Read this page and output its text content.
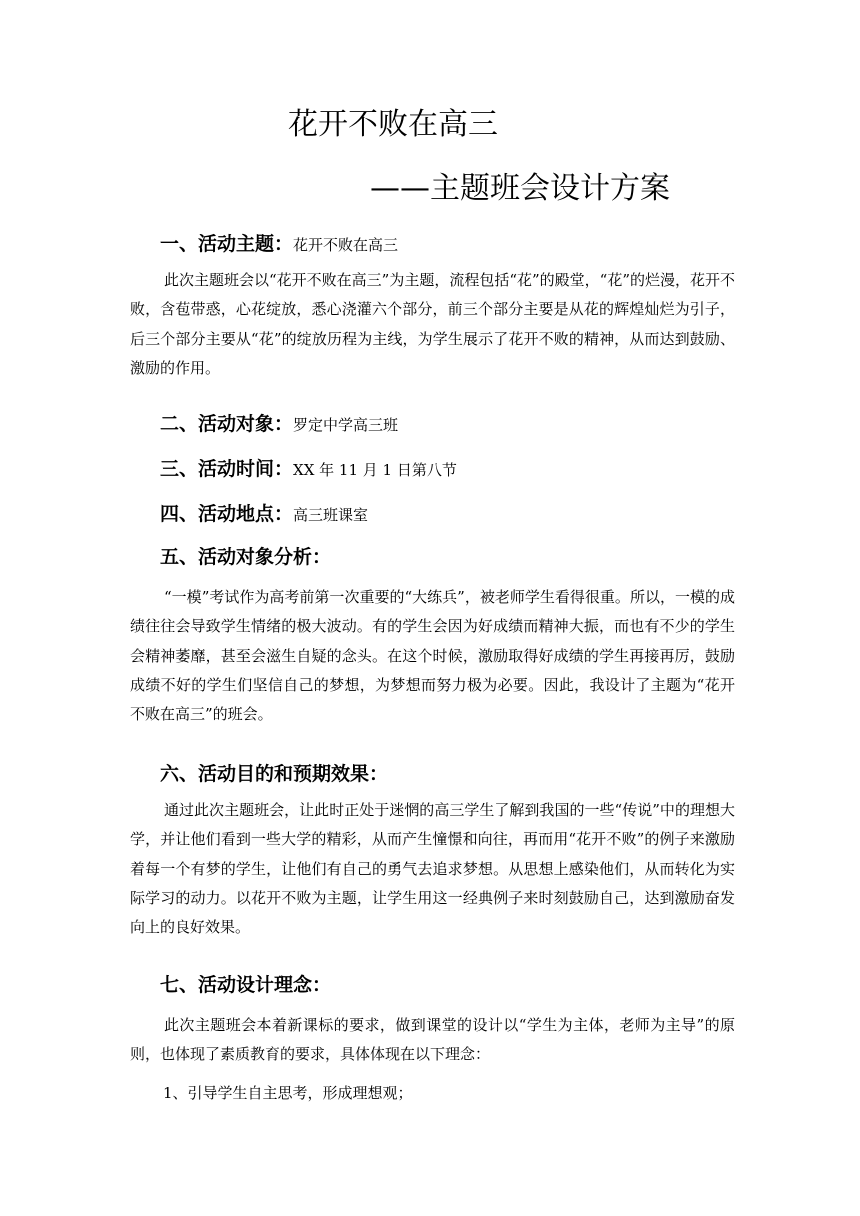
花开不败在高三
——主题班会设计方案
一、活动主题：花开不败在高三
此次主题班会以“花开不败在高三”为主题，流程包括“花”的殿堂，“花”的烂漫，花开不败，含苞带惑，心花绽放，悉心浇灌六个部分，前三个部分主要是从花的辉煌灿烂为引子，后三个部分主要从“花”的绽放历程为主线，为学生展示了花开不败的精神，从而达到鼓励、激励的作用。
二、活动对象：罗定中学高三班
三、活动时间：XX 年 11 月 1 日第八节
四、活动地点：高三班课室
五、活动对象分析：
“一模”考试作为高考前第一次重要的“大练兵”，被老师学生看得很重。所以，一模的成绩往往会导致学生情绪的极大波动。有的学生会因为好成绩而精神大振，而也有不少的学生会精神萎靡，甚至会滋生自疑的念头。在这个时候，激励取得好成绩的学生再接再厉，鼓励成绩不好的学生们坚信自己的梦想，为梦想而努力极为必要。因此，我设计了主题为“花开不败在高三”的班会。
六、活动目的和预期效果：
通过此次主题班会，让此时正处于迷惘的高三学生了解到我国的一些“传说”中的理想大学，并让他们看到一些大学的精彩，从而产生憧憬和向往，再而用“花开不败”的例子来激励着每一个有梦的学生，让他们有自己的勇气去追求梦想。从思想上感染他们，从而转化为实际学习的动力。以花开不败为主题，让学生用这一经典例子来时刻鼓励自己，达到激励奋发向上的良好效果。
七、活动设计理念：
此次主题班会本着新课标的要求，做到课堂的设计以“学生为主体，老师为主导”的原则，也体现了素质教育的要求，具体体现在以下理念：
1、引导学生自主思考，形成理想观；
